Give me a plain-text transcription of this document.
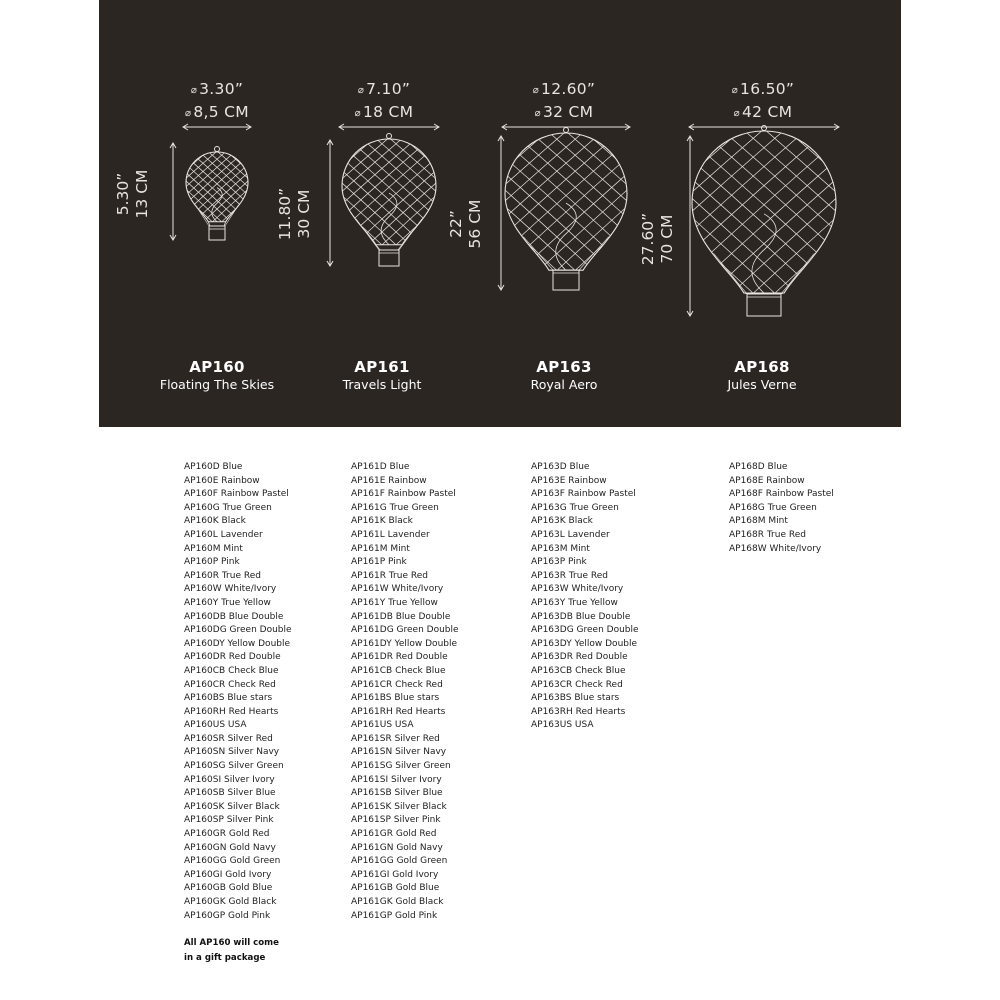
⌀ 3.30”
⌀ 8,5 CM
⌀ 7.10”
⌀ 18 CM
⌀ 12.60”
⌀ 32 CM
⌀ 16.50”
⌀ 42 CM
5.30” 13 CM	11.80” 30 CM	22” 56 CM	27.60” 70 CM
AP160
Floating The Skies
AP161
Travels Light
AP163
Royal Aero
AP168
Jules Verne
AP160D Blue
AP160E Rainbow
AP160F Rainbow Pastel
AP160G True Green
AP160K Black
AP160L Lavender
AP160M Mint
AP160P Pink
AP160R True Red
AP160W White/Ivory
AP160Y True Yellow
AP160DB Blue Double
AP160DG Green Double
AP160DY Yellow Double
AP160DR Red Double
AP160CB Check Blue
AP160CR Check Red
AP160BS Blue stars
AP160RH Red Hearts
AP160US USA
AP160SR Silver Red
AP160SN Silver Navy
AP160SG Silver Green
AP160SI Silver Ivory
AP160SB Silver Blue
AP160SK Silver Black
AP160SP Silver Pink
AP160GR Gold Red
AP160GN Gold Navy
AP160GG Gold Green
AP160GI Gold Ivory
AP160GB Gold Blue
AP160GK Gold Black
AP160GP Gold Pink
AP161D Blue
AP161E Rainbow
AP161F Rainbow Pastel
AP161G True Green
AP161K Black
AP161L Lavender
AP161M Mint
AP161P Pink
AP161R True Red
AP161W White/Ivory
AP161Y True Yellow
AP161DB Blue Double
AP161DG Green Double
AP161DY Yellow Double
AP161DR Red Double
AP161CB Check Blue
AP161CR Check Red
AP161BS Blue stars
AP161RH Red Hearts
AP161US USA
AP161SR Silver Red
AP161SN Silver Navy
AP161SG Silver Green
AP161SI Silver Ivory
AP161SB Silver Blue
AP161SK Silver Black
AP161SP Silver Pink
AP161GR Gold Red
AP161GN Gold Navy
AP161GG Gold Green
AP161GI Gold Ivory
AP161GB Gold Blue
AP161GK Gold Black
AP161GP Gold Pink
AP163D Blue
AP163E Rainbow
AP163F Rainbow Pastel
AP163G True Green
AP163K Black
AP163L Lavender
AP163M Mint
AP163P Pink
AP163R True Red
AP163W White/Ivory
AP163Y True Yellow
AP163DB Blue Double
AP163DG Green Double
AP163DY Yellow Double
AP163DR Red Double
AP163CB Check Blue
AP163CR Check Red
AP163BS Blue stars
AP163RH Red Hearts
AP163US USA
AP168D Blue
AP168E Rainbow
AP168F Rainbow Pastel
AP168G True Green
AP168M Mint
AP168R True Red
AP168W White/Ivory
All AP160 will come
in a gift package
